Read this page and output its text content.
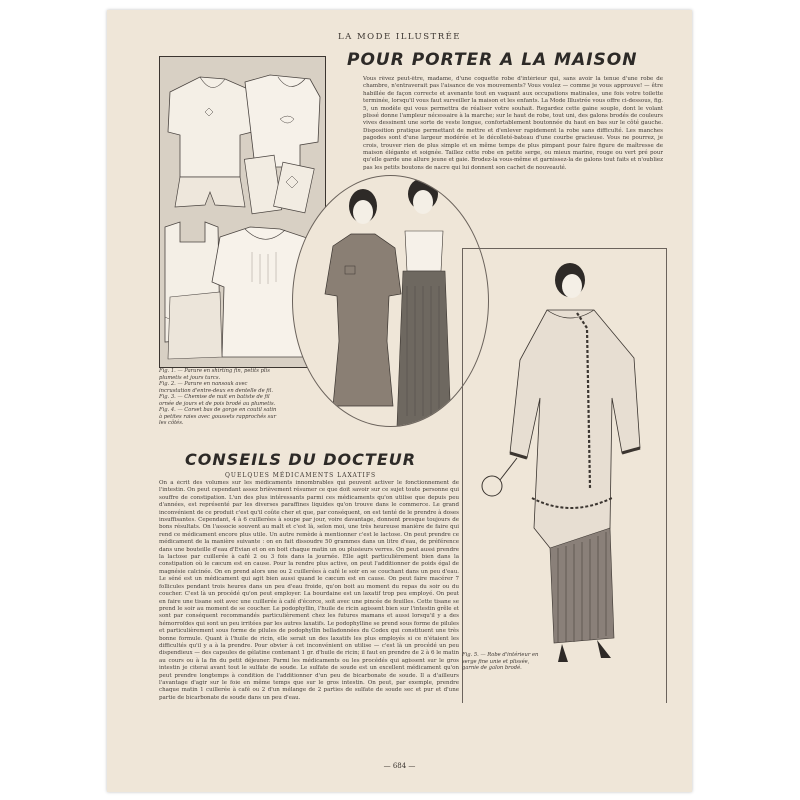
LA MODE ILLUSTRÉE
POUR PORTER A LA MAISON
Vous rêvez peut-être, madame, d'une coquette robe d'intérieur qui, sans avoir la tenue d'une robe de chambre, n'entraverait pas l'aisance de vos mouvements? Vous voulez — comme je vous approuve! — être habillée de façon correcte et avenante tout en vaquant aux occupations matinales, une fois votre toilette terminée, lorsqu'il vous faut surveiller la maison et les enfants. La Mode Illustrée vous offre ci-dessous, fig. 5, un modèle qui vous permettra de réaliser votre souhait. Regardez cette gaine souple, dont le volant plissé donne l'ampleur nécessaire à la marche; sur le haut de robe, tout uni, des galons brodés de couleurs vives dessinent une sorte de veste longue, confortablement boutonnée du haut en bas sur le côté gauche. Disposition pratique permettant de mettre et d'enlever rapidement la robe sans difficulté. Les manches pagodes sont d'une largeur modérée et le décolleté-bateau d'une courbe gracieuse. Vous ne pourrez, je crois, trouver rien de plus simple et en même temps de plus pimpant pour faire figure de maîtresse de maison élégante et soignée. Taillez cette robe en petite serge, ou mieux marine, rouge ou vert pré pour qu'elle garde une allure jeune et gaie. Brodez-la vous-même et garnissez-la de galons tout faits et n'oubliez pas les petits boutons de nacre qui lui donnent son cachet de nouveauté.
Fig. 1. — Parure en shirting fin, petits plis plumetis et jours turcs.
Fig. 2. — Parure en nansouk avec incrustation d'entre-deux en dentelle de fil.
Fig. 3. — Chemise de nuit en batiste de fil ornée de jours et de pois brodé au plumetis.
Fig. 4. — Corset bas de gorge en coutil satin à petites raies avec goussets rapprochés sur les côtés.
Fig. 5. — Robe d'intérieur en serge fine unie et plissée, garnie de galon brodé.
CONSEILS DU DOCTEUR
QUELQUES MÉDICAMENTS LAXATIFS
On a écrit des volumes sur les médicaments innombrables qui peuvent activer le fonctionnement de l'intestin. On peut cependant assez brièvement résumer ce que doit savoir sur ce sujet toute personne qui souffre de constipation. L'un des plus intéressants parmi ces médicaments qu'on utilise que depuis peu d'années, est représenté par les diverses paraffines liquides qu'on trouve dans le commerce. Le grand inconvénient de ce produit c'est qu'il coûte cher et que, par conséquent, on est tenté de le prendre à doses insuffisantes. Cependant, 4 à 6 cuillerées à soupe par jour, voire davantage, donnent presque toujours de bons résultats. On l'associe souvent au malt et c'est là, selon moi, une très heureuse manière de faire qui rend ce médicament encore plus utile. Un autre remède à mentionner c'est le lactose. On peut prendre ce médicament de la manière suivante : on en fait dissoudre 50 grammes dans un litre d'eau, de préférence dans une bouteille d'eau d'Evian et on en boit chaque matin un ou plusieurs verres. On peut aussi prendre la lactose par cuillerée à café 2 ou 3 fois dans la journée. Elle agit particulièrement bien dans la constipation où le cæcum est en cause. Pour la rendre plus active, on peut l'additionner de poids égal de magnésie calcinée. On en prend alors une ou 2 cuillerées à café le soir en se couchant dans un peu d'eau. Le séné est un médicament qui agit bien aussi quand le cæcum est en cause. On peut faire macérer 7 follicules pendant trois heures dans un peu d'eau froide, qu'on boit au moment du repas du soir ou du coucher. C'est là un procédé qu'on peut employer. La bourdaine est un laxatif trop peu employé. On peut en faire une tisane soit avec une cuillerée à café d'écorce, soit avec une pincée de feuilles. Cette tisane se prend le soir au moment de se coucher. Le podophyllin, l'huile de ricin agissent bien sur l'intestin grêle et sont par conséquent recommandés particulièrement chez les futures mamans et aussi lorsqu'il y a des hémorroïdes qui sont un peu irritées par les autres laxatifs. Le podophylline se prend sous forme de pilules et particulièrement sous forme de pilules de podophyllin belladonnées du Codex qui constituent une très bonne formule. Quant à l'huile de ricin, elle serait un des laxatifs les plus employés si ce n'étaient les difficultés qu'il y a à la prendre. Pour obvier à cet inconvénient on utilise — c'est là un procédé un peu dispendieux — des capsules de gélatine contenant 1 gr. d'huile de ricin; il faut en prendre de 2 à 6 le matin au cours ou à la fin du petit déjeuner. Parmi les médicaments ou les procédés qui agissent sur le gros intestin je citerai avant tout le sulfate de soude. Le sulfate de soude est un excellent médicament qu'on peut prendre longtemps à condition de l'additionner d'un peu de bicarbonate de soude. Il a d'ailleurs l'avantage d'agir sur le foie en même temps que sur le gros intestin. On peut, par exemple, prendre chaque matin 1 cuillerée à café ou 2 d'un mélange de 2 parties de sulfate de soude sec et pur et d'une partie de bicarbonate de soude dans un peu d'eau.
— 684 —
